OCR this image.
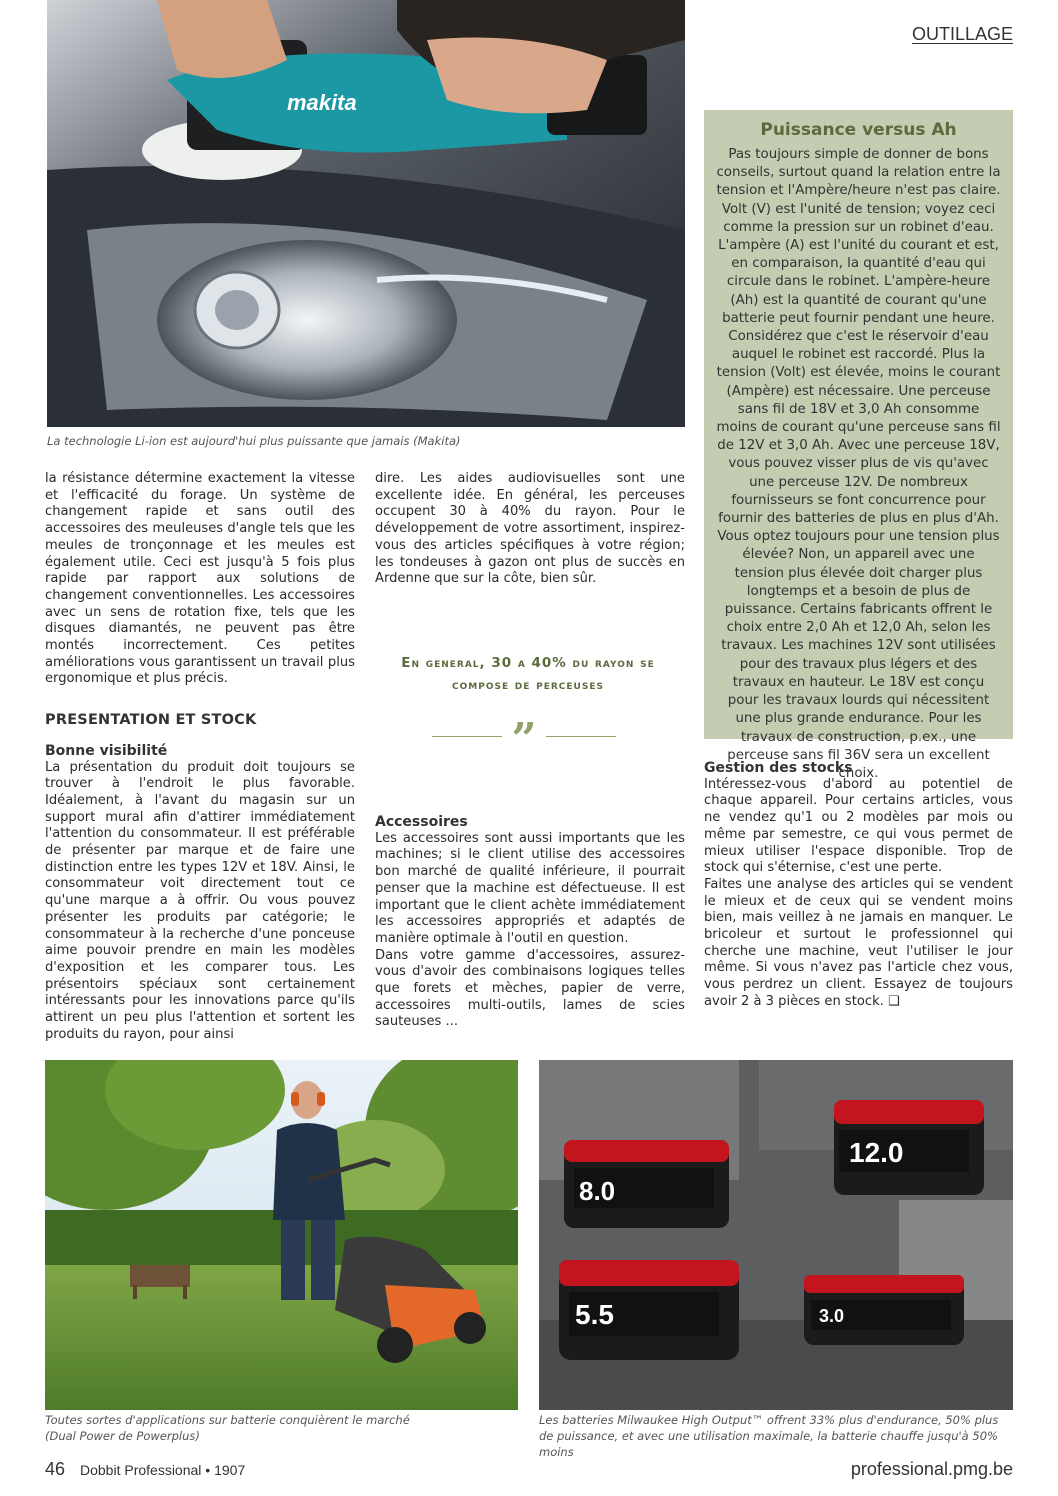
OUTILLAGE
makita
La technologie Li-ion est aujourd'hui plus puissante que jamais (Makita)

la résistance détermine exactement la vitesse et l'efficacité du forage. Un système de changement rapide et sans outil des accessoires des meuleuses d'angle tels que les meules de tronçonnage et les meules est également utile. Ceci est jusqu'à 5 fois plus rapide par rapport aux solutions de changement conventionnelles. Les accessoires avec un sens de rotation fixe, tels que les disques diamantés, ne peuvent pas être montés incorrectement. Ces petites améliorations vous garantissent un travail plus ergonomique et plus précis.

PRESENTATION ET STOCK
Bonne visibilité

La présentation du produit doit toujours se trouver à l'endroit le plus favorable. Idéalement, à l'avant du magasin sur un support mural afin d'attirer immédiatement l'attention du consommateur. Il est préférable de présenter par marque et de faire une distinction entre les types 12V et 18V. Ainsi, le consommateur voit directement tout ce qu'une marque a à offrir. Ou vous pouvez présenter les produits par catégorie; le consommateur à la recherche d'une ponceuse aime pouvoir prendre en main les modèles d'exposition et les comparer tous. Les présentoirs spéciaux sont certainement intéressants pour les innovations parce qu'ils attirent un peu plus l'attention et sortent les produits du rayon, pour ainsi

dire. Les aides audiovisuelles sont une excellente idée. En général, les perceuses occupent 30 à 40% du rayon. Pour le développement de votre assortiment, inspirez-vous des articles spécifiques à votre région; les tondeuses à gazon ont plus de succès en Ardenne que sur la côte, bien sûr.

En general, 30 a 40% du rayon se
compose de perceuses
”
Accessoires

Les accessoires sont aussi importants que les machines; si le client utilise des accessoires bon marché de qualité inférieure, il pourrait penser que la machine est défectueuse. Il est important que le client achète immédiatement les accessoires appropriés et adaptés de manière optimale à l'outil en question.

Dans votre gamme d'accessoires, assurez-vous d'avoir des combinaisons logiques telles que forets et mèches, papier de verre, accessoires multi-outils, lames de scies sauteuses ...

Puissance versus Ah

Pas toujours simple de donner de bons conseils, surtout quand la relation entre la tension et l'Ampère/heure n'est pas claire. Volt (V) est l'unité de tension; voyez ceci comme la pression sur un robinet d'eau. L'ampère (A) est l'unité du courant et est, en comparaison, la quantité d'eau qui circule dans le robinet. L'ampère-heure (Ah) est la quantité de courant qu'une batterie peut fournir pendant une heure. Considérez que c'est le réservoir d'eau auquel le robinet est raccordé. Plus la tension (Volt) est élevée, moins le courant (Ampère) est nécessaire. Une perceuse sans fil de 18V et 3,0 Ah consomme moins de courant qu'une perceuse sans fil de 12V et 3,0 Ah. Avec une perceuse 18V, vous pouvez visser plus de vis qu'avec une perceuse 12V. De nombreux fournisseurs se font concurrence pour fournir des batteries de plus en plus d'Ah. Vous optez toujours pour une tension plus élevée? Non, un appareil avec une tension plus élevée doit charger plus longtemps et a besoin de plus de puissance. Certains fabricants offrent le choix entre 2,0 Ah et 12,0 Ah, selon les travaux. Les machines 12V sont utilisées pour des travaux plus légers et des travaux en hauteur. Le 18V est conçu pour les travaux lourds qui nécessitent une plus grande endurance. Pour les travaux de construction, p.ex., une perceuse sans fil 36V sera un excellent choix.

Gestion des stocks

Intéressez-vous d'abord au potentiel de chaque appareil. Pour certains articles, vous ne vendez qu'1 ou 2 modèles par mois ou même par semestre, ce qui vous permet de mieux utiliser l'espace disponible. Trop de stock qui s'éternise, c'est une perte.

Faites une analyse des articles qui se vendent le mieux et de ceux qui se vendent moins bien, mais veillez à ne jamais en manquer. Le bricoleur et surtout le professionnel qui cherche une machine, veut l'utiliser le jour même. Si vous n'avez pas l'article chez vous, vous perdrez un client. Essayez de toujours avoir 2 à 3 pièces en stock. ❑

Toutes sortes d'applications sur batterie conquièrent le marché (Dual Power de Powerplus)
8.0
12.0
5.5	3.0
Les batteries Milwaukee High Output™ offrent 33% plus d'endurance, 50% plus de puissance, et avec une utilisation maximale, la batterie chauffe jusqu'à 50% moins
46 Dobbit Professional • 1907	professional.pmg.be
